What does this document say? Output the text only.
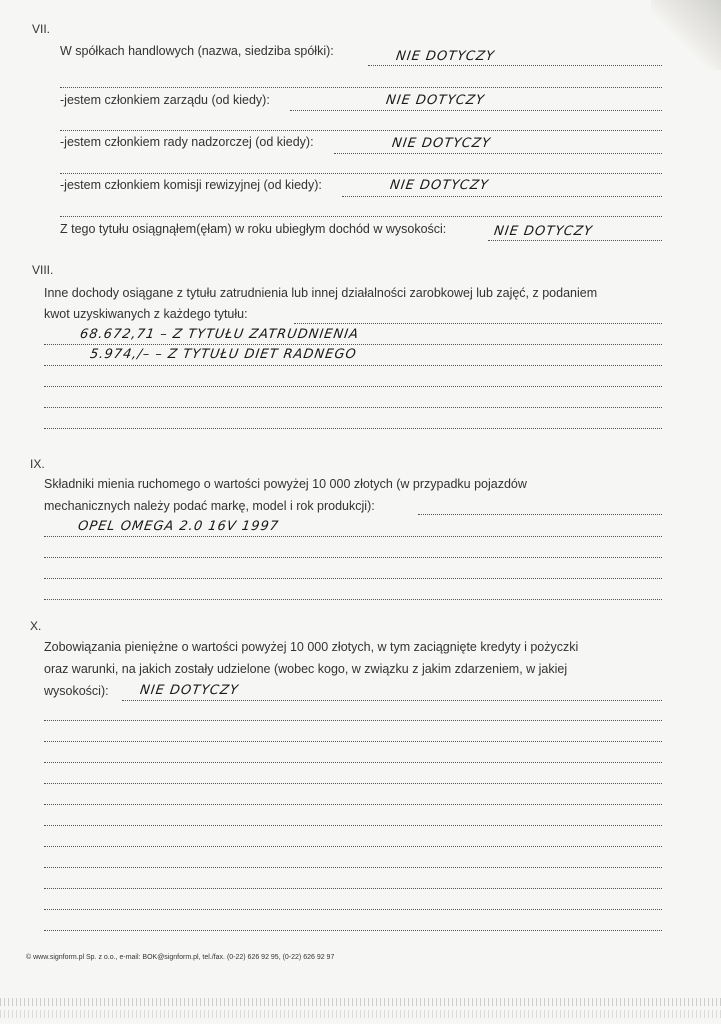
VII.
W spółkach handlowych (nazwa, siedziba spółki):	NIE DOTYCZY
-jestem członkiem zarządu (od kiedy):	NIE DOTYCZY
-jestem członkiem rady nadzorczej (od kiedy):	NIE DOTYCZY
-jestem członkiem komisji rewizyjnej (od kiedy):	NIE DOTYCZY
Z tego tytułu osiągnąłem(ęłam) w roku ubiegłym dochód w wysokości:	NIE DOTYCZY
VIII.
Inne dochody osiągane z tytułu zatrudnienia lub innej działalności zarobkowej lub zajęć, z podaniem
kwot uzyskiwanych z każdego tytułu:
68.672,71 – Z TYTUŁU ZATRUDNIENIA
5.974,/– – Z TYTUŁU DIET RADNEGO
IX.
Składniki mienia ruchomego o wartości powyżej 10 000 złotych (w przypadku pojazdów
mechanicznych należy podać markę, model i rok produkcji):
OPEL OMEGA 2.0 16V 1997
X.
Zobowiązania pieniężne o wartości powyżej 10 000 złotych, w tym zaciągnięte kredyty i pożyczki
oraz warunki, na jakich zostały udzielone (wobec kogo, w związku z jakim zdarzeniem, w jakiej
wysokości): NIE DOTYCZY
© www.signform.pl Sp. z o.o., e-mail: BOK@signform.pl, tel./fax. (0-22) 626 92 95, (0-22) 626 92 97
